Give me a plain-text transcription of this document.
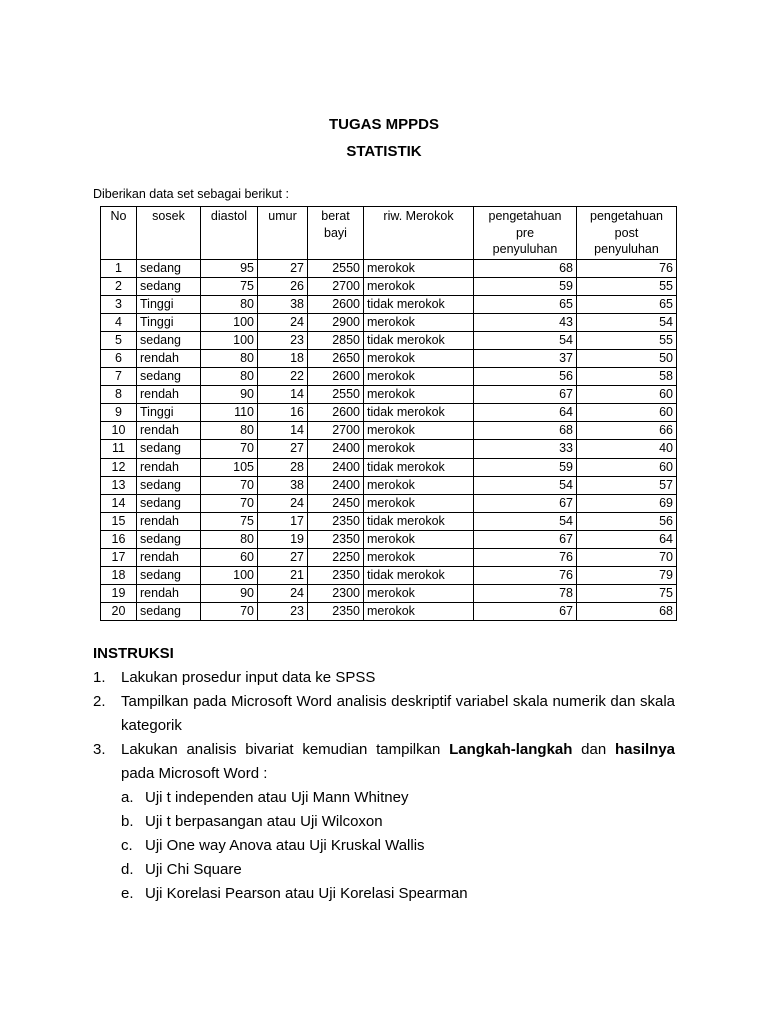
TUGAS MPPDS
STATISTIK
Diberikan data set sebagai berikut :
No	sosek	diastol	umur	berat bayi	riw. Merokok	pengetahuan pre penyuluhan	pengetahuan post penyuluhan
1	sedang	95	27	2550	merokok	68	76
2	sedang	75	26	2700	merokok	59	55
3	Tinggi	80	38	2600	tidak merokok	65	65
4	Tinggi	100	24	2900	merokok	43	54
5	sedang	100	23	2850	tidak merokok	54	55
6	rendah	80	18	2650	merokok	37	50
7	sedang	80	22	2600	merokok	56	58
8	rendah	90	14	2550	merokok	67	60
9	Tinggi	110	16	2600	tidak merokok	64	60
10	rendah	80	14	2700	merokok	68	66
11	sedang	70	27	2400	merokok	33	40
12	rendah	105	28	2400	tidak merokok	59	60
13	sedang	70	38	2400	merokok	54	57
14	sedang	70	24	2450	merokok	67	69
15	rendah	75	17	2350	tidak merokok	54	56
16	sedang	80	19	2350	merokok	67	64
17	rendah	60	27	2250	merokok	76	70
18	sedang	100	21	2350	tidak merokok	76	79
19	rendah	90	24	2300	merokok	78	75
20	sedang	70	23	2350	merokok	67	68
INSTRUKSI
1. Lakukan prosedur input data ke SPSS
2. Tampilkan pada Microsoft Word analisis deskriptif variabel skala numerik dan skala kategorik
3. Lakukan analisis bivariat kemudian tampilkan Langkah-langkah dan hasilnya pada Microsoft Word :
a. Uji t independen atau Uji Mann Whitney
b. Uji t berpasangan atau Uji Wilcoxon
c. Uji One way Anova atau Uji Kruskal Wallis
d. Uji Chi Square
e. Uji Korelasi Pearson atau Uji Korelasi Spearman
